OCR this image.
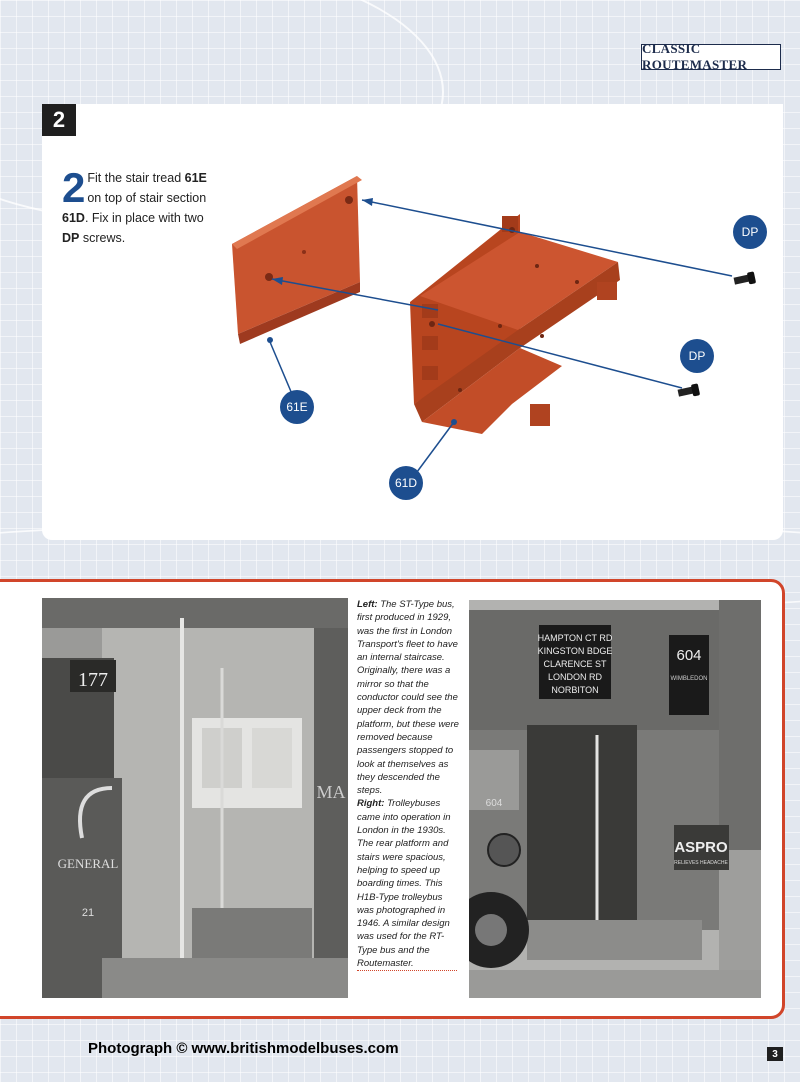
CLASSIC ROUTEMASTER
2
2 Fit the stair tread 61E on top of stair section 61D. Fix in place with two DP screws.	DP
DP
61E
61D
177
GENERAL
21
MA
Left: The ST-Type bus, first produced in 1929, was the first in London Transport's fleet to have an internal staircase. Originally, there was a mirror so that the conductor could see the upper deck from the platform, but these were removed because passengers stopped to look at themselves as they descended the steps.
Right: Trolleybuses came into operation in London in the 1930s. The rear platform and stairs were spacious, helping to speed up boarding times. This H1B-Type trolleybus was photographed in 1946. A similar design was used for the RT-Type bus and the Routemaster.
HAMPTON CT RD
KINGSTON BDGE
CLARENCE ST
LONDON RD
NORBITON
604
WIMBLEDON
604
ASPRO
RELIEVES HEADACHE
Photograph © www.britishmodelbuses.com	3
